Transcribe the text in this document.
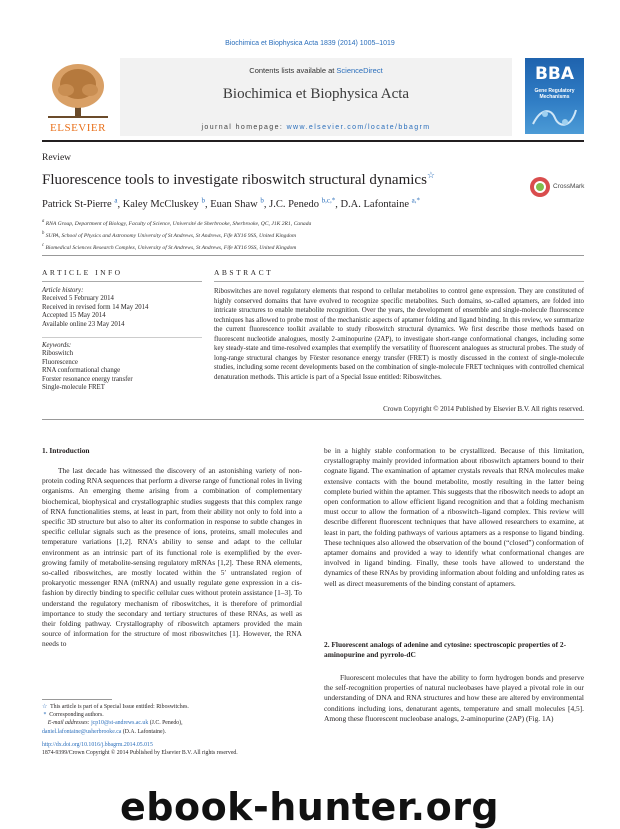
Biochimica et Biophysica Acta 1839 (2014) 1005–1019
ELSEVIER
Contents lists available at ScienceDirect
Biochimica et Biophysica Acta
journal homepage: www.elsevier.com/locate/bbagrm
BBA
Gene Regulatory Mechanisms
Review
Fluorescence tools to investigate riboswitch structural dynamics☆
CrossMark
Patrick St-Pierre $^a$, Kaley McCluskey $^b$, Euan Shaw $^b$, J.C. Penedo $^{b,c,*}$, D.A. Lafontaine $^{a,*}$
$^a$ RNA Group, Department of Biology, Faculty of Science, Université de Sherbrooke, Sherbrooke, QC, J1K 2R1, Canada
$^b$ SUPA, School of Physics and Astronomy University of St Andrews, St Andrews, Fife KY16 9SS, United Kingdom
$^c$ Biomedical Sciences Research Complex, University of St Andrews, St Andrews, Fife KY16 9SS, United Kingdom
ARTICLE INFO
Article history:
Received 5 February 2014
Received in revised form 14 May 2014
Accepted 15 May 2014
Available online 23 May 2014
Keywords:
Riboswitch
Fluorescence
RNA conformational change
Forster resonance energy transfer
Single-molecule FRET
ABSTRACT
Riboswitches are novel regulatory elements that respond to cellular metabolites to control gene expression. They are constituted of highly conserved domains that have evolved to recognize specific metabolites. Such domains, so-called aptamers, are folded into intricate structures to enable metabolite recognition. Over the years, the development of ensemble and single-molecule fluorescence techniques has allowed to probe most of the mechanistic aspects of aptamer folding and ligand binding. In this review, we summarize the current fluorescence toolkit available to study riboswitch structural dynamics. We first describe those methods based on fluorescent nucleotide analogues, mostly 2-aminopurine (2AP), to investigate short-range conformational changes, including some key steady-state and time-resolved examples that exemplify the versatility of fluorescent analogues as structural probes. The study of long-range structural changes by Förster resonance energy transfer (FRET) is mostly discussed in the context of single-molecule studies, including some recent developments based on the combination of single-molecule FRET techniques with controlled chemical denaturation methods. This article is part of a Special Issue entitled: Riboswitches.
Crown Copyright © 2014 Published by Elsevier B.V. All rights reserved.
1. Introduction
The last decade has witnessed the discovery of an astonishing variety of non-protein coding RNA sequences that perform a diverse range of functional roles in living organisms. An emerging theme arising from a combination of complementary biochemical, biophysical and crystallographic studies suggests that this complex range of RNA functionalities stems, at least in part, from their ability not only to fold into a specific 3D structure but also to alter its conformation in response to subtle changes in specific cellular signals such as the presence of ions, proteins, small molecules and temperature variations [1,2]. RNA's ability to sense and adapt to the cellular environment as an intrinsic part of its functional role is exemplified by the ever-growing family of metabolite-sensing regulatory mRNAs [1,2]. These RNA elements, so-called riboswitches, are mostly located within the 5′ untranslated region of prokaryotic messenger RNA (mRNA) and usually regulate gene expression in a cis-fashion by directly binding to specific cellular cues without protein assistance [1–3]. To understand the regulatory mechanism of riboswitches, it is therefore of primordial importance to study the secondary and tertiary structures of these RNAs, as well as their folding pathway. Crystallography of riboswitch aptamers provided the main source of information for the structure of most riboswitches [1]. However, the RNA needs to
be in a highly stable conformation to be crystallized. Because of this limitation, crystallography mainly provided information about riboswitch aptamers bound to their cognate ligand. The examination of aptamer crystals reveals that RNA molecules make extensive contacts with the bound metabolite, mostly resulting in the latter being complete buried within the aptamer. This suggests that the riboswitch needs to adopt an open conformation to allow efficient ligand recognition and that a folding mechanism must occur to allow the formation of a riboswitch–ligand complex. This review will describe different fluorescent techniques that have allowed researchers to examine, at least in part, the folding pathways of various aptamers as a response to ligand binding. These techniques also allowed the observation of the bound (“closed”) conformation of aptamer domains and provided a way to identify what conformational changes are involved in ligand binding. Finally, these tools have allowed to understand the dynamics of these RNAs by providing information about folding and unfolding rates as well as direct measurements of the binding constant of aptamers.
2. Fluorescent analogs of adenine and cytosine: spectroscopic properties of 2-aminopurine and pyrrolo-dC
Fluorescent molecules that have the ability to form hydrogen bonds and preserve the self-recognition properties of natural nucleobases have played a pivotal role in our understanding of DNA and RNA structures and how these are altered by environmental conditions including ions, denaturant agents, temperature and small molecules [4,5]. Among these fluorescent nucleobase analogs, 2-aminopurine (2AP) (Fig. 1A)
☆ This article is part of a Special Issue entitled: Riboswitches.
* Corresponding authors.
E-mail addresses: jcp10@st-andrews.ac.uk (J.C. Penedo),
daniel.lafontaine@usherbrooke.ca (D.A. Lafontaine).
http://dx.doi.org/10.1016/j.bbagrm.2014.05.015
1874-9399/Crown Copyright © 2014 Published by Elsevier B.V. All rights reserved.
ebook-hunter.org
